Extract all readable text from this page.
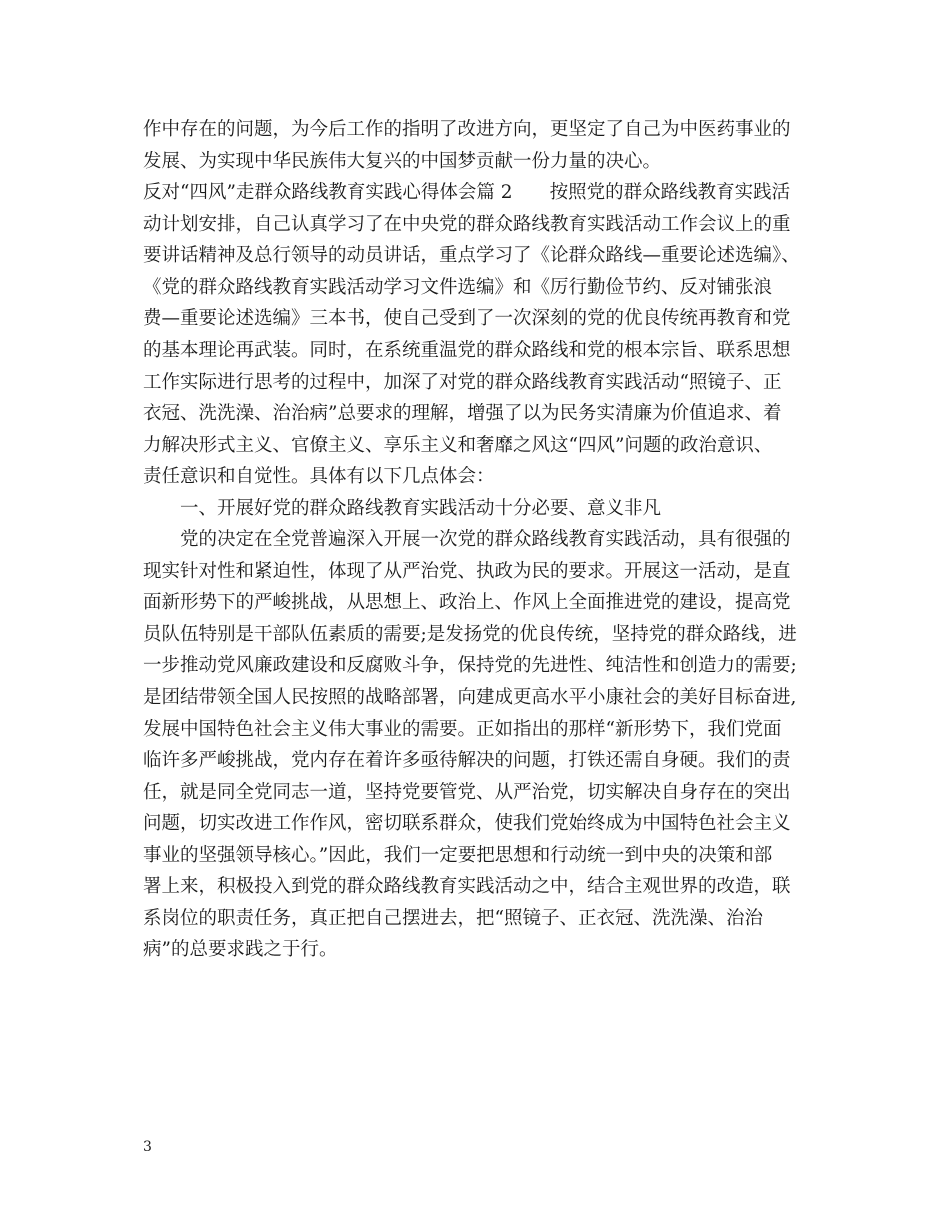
作中存在的问题，为今后工作的指明了改进方向，更坚定了自己为中医药事业的
发展、为实现中华民族伟大复兴的中国梦贡献一份力量的决心。
反对“四风”走群众路线教育实践心得体会篇 2　　按照党的群众路线教育实践活
动计划安排，自己认真学习了在中央党的群众路线教育实践活动工作会议上的重
要讲话精神及总行领导的动员讲话，重点学习了《论群众路线—重要论述选编》、
《党的群众路线教育实践活动学习文件选编》和《厉行勤俭节约、反对铺张浪
费—重要论述选编》三本书，使自己受到了一次深刻的党的优良传统再教育和党
的基本理论再武装。同时，在系统重温党的群众路线和党的根本宗旨、联系思想
工作实际进行思考的过程中，加深了对党的群众路线教育实践活动“照镜子、正
衣冠、洗洗澡、治治病”总要求的理解，增强了以为民务实清廉为价值追求、着
力解决形式主义、官僚主义、享乐主义和奢靡之风这“四风”问题的政治意识、
责任意识和自觉性。具体有以下几点体会：
　　一、开展好党的群众路线教育实践活动十分必要、意义非凡
　　党的决定在全党普遍深入开展一次党的群众路线教育实践活动，具有很强的
现实针对性和紧迫性，体现了从严治党、执政为民的要求。开展这一活动，是直
面新形势下的严峻挑战，从思想上、政治上、作风上全面推进党的建设，提高党
员队伍特别是干部队伍素质的需要;是发扬党的优良传统，坚持党的群众路线，进
一步推动党风廉政建设和反腐败斗争，保持党的先进性、纯洁性和创造力的需要;
是团结带领全国人民按照的战略部署，向建成更高水平小康社会的美好目标奋进,
发展中国特色社会主义伟大事业的需要。正如指出的那样“新形势下，我们党面
临许多严峻挑战，党内存在着许多亟待解决的问题，打铁还需自身硬。我们的责
任，就是同全党同志一道，坚持党要管党、从严治党，切实解决自身存在的突出
问题，切实改进工作作风，密切联系群众，使我们党始终成为中国特色社会主义
事业的坚强领导核心。”因此，我们一定要把思想和行动统一到中央的决策和部
署上来，积极投入到党的群众路线教育实践活动之中，结合主观世界的改造，联
系岗位的职责任务，真正把自己摆进去，把“照镜子、正衣冠、洗洗澡、治治
病”的总要求践之于行。
3
